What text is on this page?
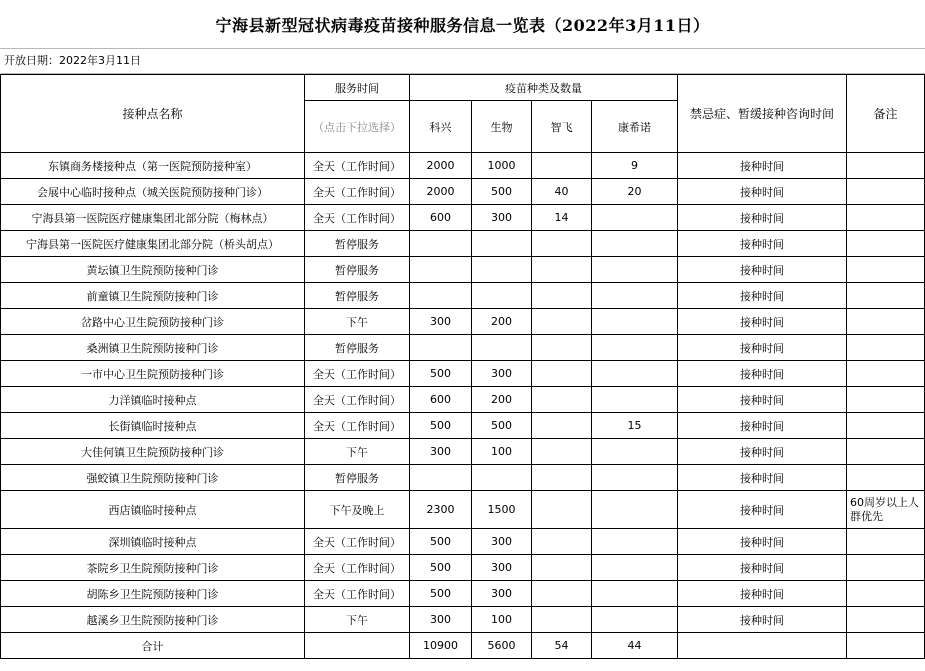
宁海县新型冠状病毒疫苗接种服务信息一览表（2022年3月11日）
开放日期：2022年3月11日
接种点名称	服务时间	疫苗种类及数量				禁忌症、暂缓接种咨询时间	备注
	（点击下拉选择）	科兴	生物	智飞	康希诺		
东镇商务楼接种点（第一医院预防接种室）	全天（工作时间）	2000	1000		9	接种时间	
会展中心临时接种点（城关医院预防接种门诊）	全天（工作时间）	2000	500	40	20	接种时间	
宁海县第一医院医疗健康集团北部分院（梅林点）	全天（工作时间）	600	300	14		接种时间	
宁海县第一医院医疗健康集团北部分院（桥头胡点）	暂停服务					接种时间	
黄坛镇卫生院预防接种门诊	暂停服务					接种时间	
前童镇卫生院预防接种门诊	暂停服务					接种时间	
岔路中心卫生院预防接种门诊	下午	300	200			接种时间	
桑洲镇卫生院预防接种门诊	暂停服务					接种时间	
一市中心卫生院预防接种门诊	全天（工作时间）	500	300			接种时间	
力洋镇临时接种点	全天（工作时间）	600	200			接种时间	
长街镇临时接种点	全天（工作时间）	500	500		15	接种时间	
大佳何镇卫生院预防接种门诊	下午	300	100			接种时间	
强蛟镇卫生院预防接种门诊	暂停服务					接种时间	
西店镇临时接种点	下午及晚上	2300	1500			接种时间	60周岁以上人群优先
深圳镇临时接种点	全天（工作时间）	500	300			接种时间	
茶院乡卫生院预防接种门诊	全天（工作时间）	500	300			接种时间	
胡陈乡卫生院预防接种门诊	全天（工作时间）	500	300			接种时间	
越溪乡卫生院预防接种门诊	下午	300	100			接种时间	
合计		10900	5600	54	44		
